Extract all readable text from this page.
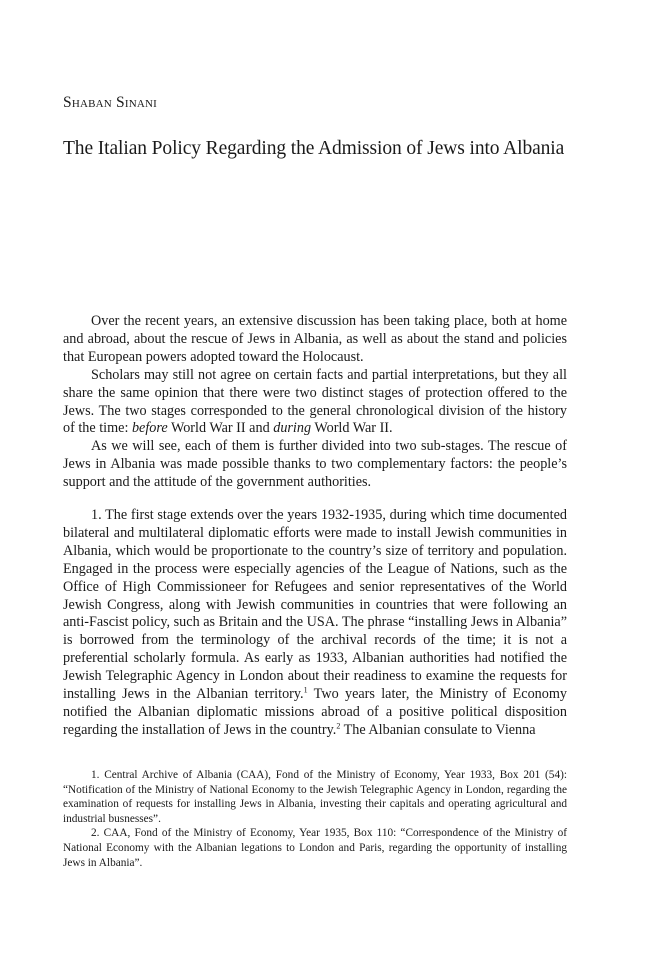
Shaban Sinani
The Italian Policy Regarding the Admission of Jews into Albania

Over the recent years, an extensive discussion has been taking place, both at home and abroad, about the rescue of Jews in Albania, as well as about the stand and policies that European powers adopted toward the Holocaust.

Scholars may still not agree on certain facts and partial interpretations, but they all share the same opinion that there were two distinct stages of protection offered to the Jews. The two stages corresponded to the general chronological division of the history of the time: before World War II and during World War II.

As we will see, each of them is further divided into two sub-stages. The rescue of Jews in Albania was made possible thanks to two complementary factors: the people’s support and the attitude of the government authorities.

1. The first stage extends over the years 1932-1935, during which time documented bilateral and multilateral diplomatic efforts were made to install Jewish communities in Albania, which would be proportionate to the country’s size of territory and population. Engaged in the process were especially agencies of the League of Nations, such as the Office of High Commissioneer for Refugees and senior representatives of the World Jewish Congress, along with Jewish communities in countries that were following an anti-Fascist policy, such as Britain and the USA. The phrase “installing Jews in Albania” is borrowed from the terminology of the archival records of the time; it is not a preferential scholarly formula. As early as 1933, Albanian authorities had notified the Jewish Telegraphic Agency in London about their readiness to examine the requests for installing Jews in the Albanian territory.$^1$ Two years later, the Ministry of Economy notified the Albanian diplomatic missions abroad of a positive political disposition regarding the installation of Jews in the country.$^2$ The Albanian consulate to Vienna

1. Central Archive of Albania (CAA), Fond of the Ministry of Economy, Year 1933, Box 201 (54): “Notification of the Ministry of National Economy to the Jewish Telegraphic Agency in London, regarding the examination of requests for installing Jews in Albania, investing their capitals and operating agricultural and industrial busnesses”.

2. CAA, Fond of the Ministry of Economy, Year 1935, Box 110: “Correspondence of the Ministry of National Economy with the Albanian legations to London and Paris, regarding the opportunity of installing Jews in Albania”.
